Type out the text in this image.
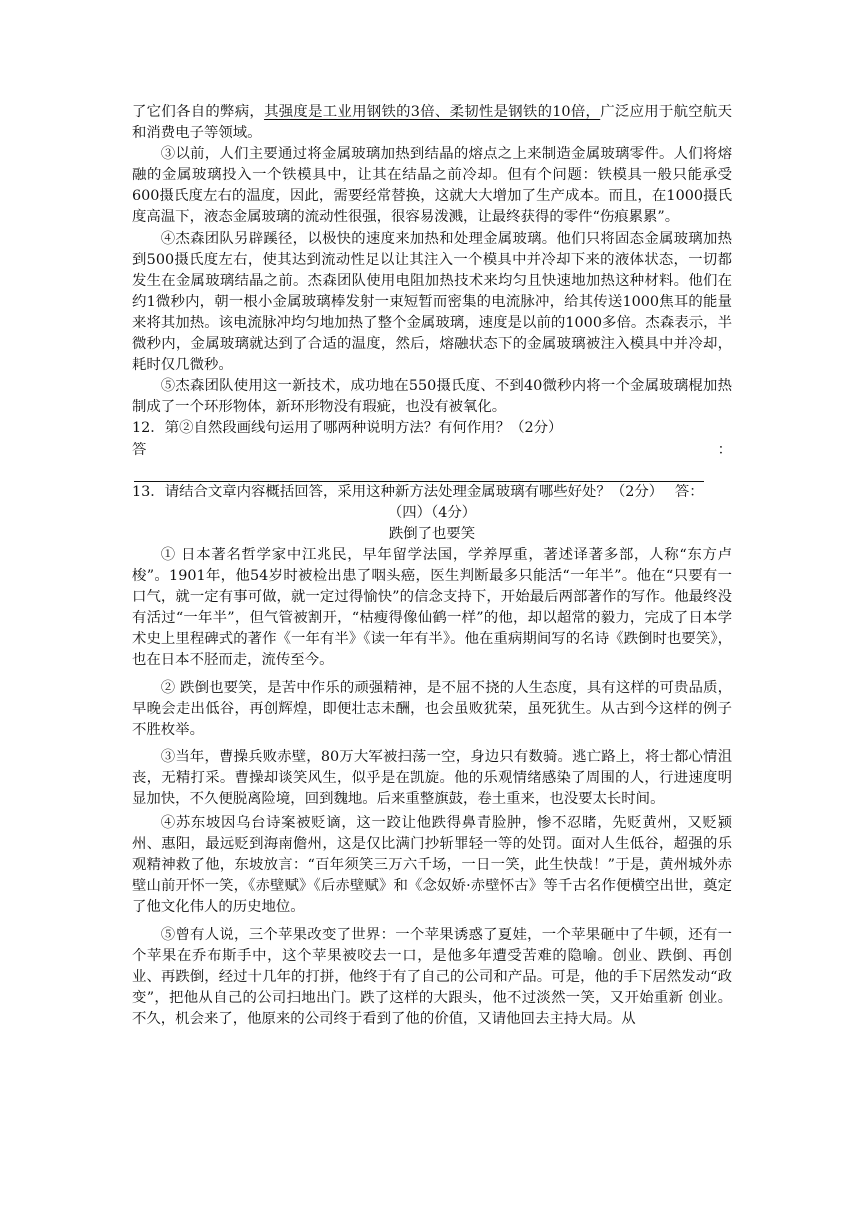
了它们各自的弊病，其强度是工业用钢铁的3倍、柔韧性是钢铁的10倍，广泛应用于航空航天和消费电子等领域。

③以前，人们主要通过将金属玻璃加热到结晶的熔点之上来制造金属玻璃零件。人们将熔融的金属玻璃投入一个铁模具中，让其在结晶之前冷却。但有个问题：铁模具一般只能承受 600摄氏度左右的温度，因此，需要经常替换，这就大大增加了生产成本。而且，在1000摄氏度高温下，液态金属玻璃的流动性很强，很容易泼溅，让最终获得的零件“伤痕累累”。

④杰森团队另辟蹊径，以极快的速度来加热和处理金属玻璃。他们只将固态金属玻璃加热到500摄氏度左右，使其达到流动性足以让其注入一个模具中并冷却下来的液体状态，一切都发生在金属玻璃结晶之前。杰森团队使用电阻加热技术来均匀且快速地加热这种材料。他们在约1微秒内，朝一根小金属玻璃棒发射一束短暂而密集的电流脉冲，给其传送1000焦耳的能量来将其加热。该电流脉冲均匀地加热了整个金属玻璃，速度是以前的1000多倍。杰森表示，半微秒内，金属玻璃就达到了合适的温度，然后，熔融状态下的金属玻璃被注入模具中并冷却，耗时仅几微秒。

⑤杰森团队使用这一新技术，成功地在550摄氏度、不到40微秒内将一个金属玻璃棍加热制成了一个环形物体，新环形物没有瑕疵，也没有被氧化。

12．第②自然段画线句运用了哪两种说明方法？有何作用？（2分）

答：

13．请结合文章内容概括回答，采用这种新方法处理金属玻璃有哪些好处？（2分）　 答：

（四）（4分）

跌倒了也要笑

① 日本著名哲学家中江兆民，早年留学法国，学养厚重，著述译著多部，人称“东方卢梭”。1901年，他54岁时被检出患了咽头癌，医生判断最多只能活“一年半”。他在“只要有一口气，就一定有事可做，就一定过得愉快”的信念支持下，开始最后两部著作的写作。他最终没有活过“一年半”，但气管被割开，“枯瘦得像仙鹤一样”的他，却以超常的毅力，完成了日本学术史上里程碑式的著作《一年有半》《读一年有半》。他在重病期间写的名诗《跌倒时也要笑》，也在日本不胫而走，流传至今。

② 跌倒也要笑，是苦中作乐的顽强精神，是不屈不挠的人生态度，具有这样的可贵品质，早晚会走出低谷，再创辉煌，即便壮志未酬，也会虽败犹荣，虽死犹生。从古到今这样的例子不胜枚举。

③当年，曹操兵败赤壁，80万大军被扫荡一空，身边只有数骑。逃亡路上，将士都心情沮丧，无精打采。曹操却谈笑风生，似乎是在凯旋。他的乐观情绪感染了周围的人，行进速度明显加快，不久便脱离险境，回到魏地。后来重整旗鼓，卷土重来，也没要太长时间。

④苏东坡因乌台诗案被贬谪，这一跤让他跌得鼻青脸肿，惨不忍睹，先贬黄州，又贬颍州、惠阳，最远贬到海南儋州，这是仅比满门抄斩罪轻一等的处罚。面对人生低谷，超强的乐观精神救了他，东坡放言：“百年须笑三万六千场，一日一笑，此生快哉！”于是，黄州城外赤壁山前开怀一笑，《赤壁赋》《后赤壁赋》和《念奴娇·赤壁怀古》等千古名作便横空出世，奠定了他文化伟人的历史地位。

⑤曾有人说，三个苹果改变了世界：一个苹果诱惑了夏娃，一个苹果砸中了牛顿，还有一个苹果在乔布斯手中，这个苹果被咬去一口，是他多年遭受苦难的隐喻。创业、跌倒、再创业、再跌倒，经过十几年的打拼，他终于有了自己的公司和产品。可是，他的手下居然发动“政变”，把他从自己的公司扫地出门。跌了这样的大跟头，他不过淡然一笑，又开始重新 创业。不久，机会来了，他原来的公司终于看到了他的价值，又请他回去主持大局。从
